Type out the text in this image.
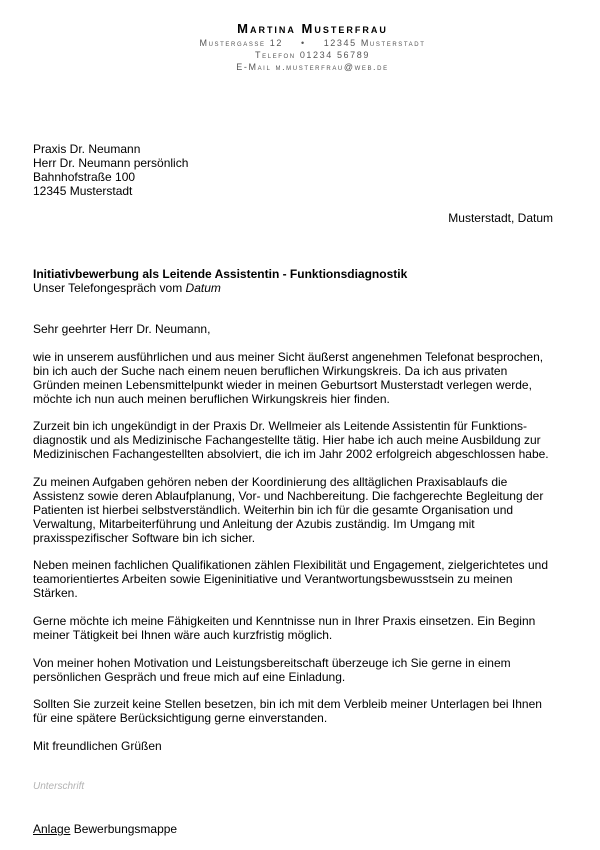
Martina Musterfrau
Mustergasse 12 • 12345 Musterstadt
Telefon 01234 56789
E-Mail m.musterfrau@web.de

Praxis Dr. Neumann

Herr Dr. Neumann persönlich

Bahnhofstraße 100

12345 Musterstadt

Musterstadt, Datum

Initiativbewerbung als Leitende Assistentin - Funktionsdiagnostik

Unser Telefongespräch vom Datum

Sehr geehrter Herr Dr. Neumann,

wie in unserem ausführlichen und aus meiner Sicht äußerst angenehmen Telefonat besprochen,

bin ich auch der Suche nach einem neuen beruflichen Wirkungskreis. Da ich aus privaten

Gründen meinen Lebensmittelpunkt wieder in meinen Geburtsort Musterstadt verlegen werde,

möchte ich nun auch meinen beruflichen Wirkungskreis hier finden.

Zurzeit bin ich ungekündigt in der Praxis Dr. Wellmeier als Leitende Assistentin für Funktions-

diagnostik und als Medizinische Fachangestellte tätig. Hier habe ich auch meine Ausbildung zur

Medizinischen Fachangestellten absolviert, die ich im Jahr 2002 erfolgreich abgeschlossen habe.

Zu meinen Aufgaben gehören neben der Koordinierung des alltäglichen Praxisablaufs die

Assistenz sowie deren Ablaufplanung, Vor- und Nachbereitung. Die fachgerechte Begleitung der

Patienten ist hierbei selbstverständlich. Weiterhin bin ich für die gesamte Organisation und

Verwaltung, Mitarbeiterführung und Anleitung der Azubis zuständig. Im Umgang mit

praxisspezifischer Software bin ich sicher.

Neben meinen fachlichen Qualifikationen zählen Flexibilität und Engagement, zielgerichtetes und

teamorientiertes Arbeiten sowie Eigeninitiative und Verantwortungsbewusstsein zu meinen

Stärken.

Gerne möchte ich meine Fähigkeiten und Kenntnisse nun in Ihrer Praxis einsetzen. Ein Beginn

meiner Tätigkeit bei Ihnen wäre auch kurzfristig möglich.

Von meiner hohen Motivation und Leistungsbereitschaft überzeuge ich Sie gerne in einem

persönlichen Gespräch und freue mich auf eine Einladung.

Sollten Sie zurzeit keine Stellen besetzen, bin ich mit dem Verbleib meiner Unterlagen bei Ihnen

für eine spätere Berücksichtigung gerne einverstanden.

Mit freundlichen Grüßen
Unterschrift
Anlage Bewerbungsmappe
